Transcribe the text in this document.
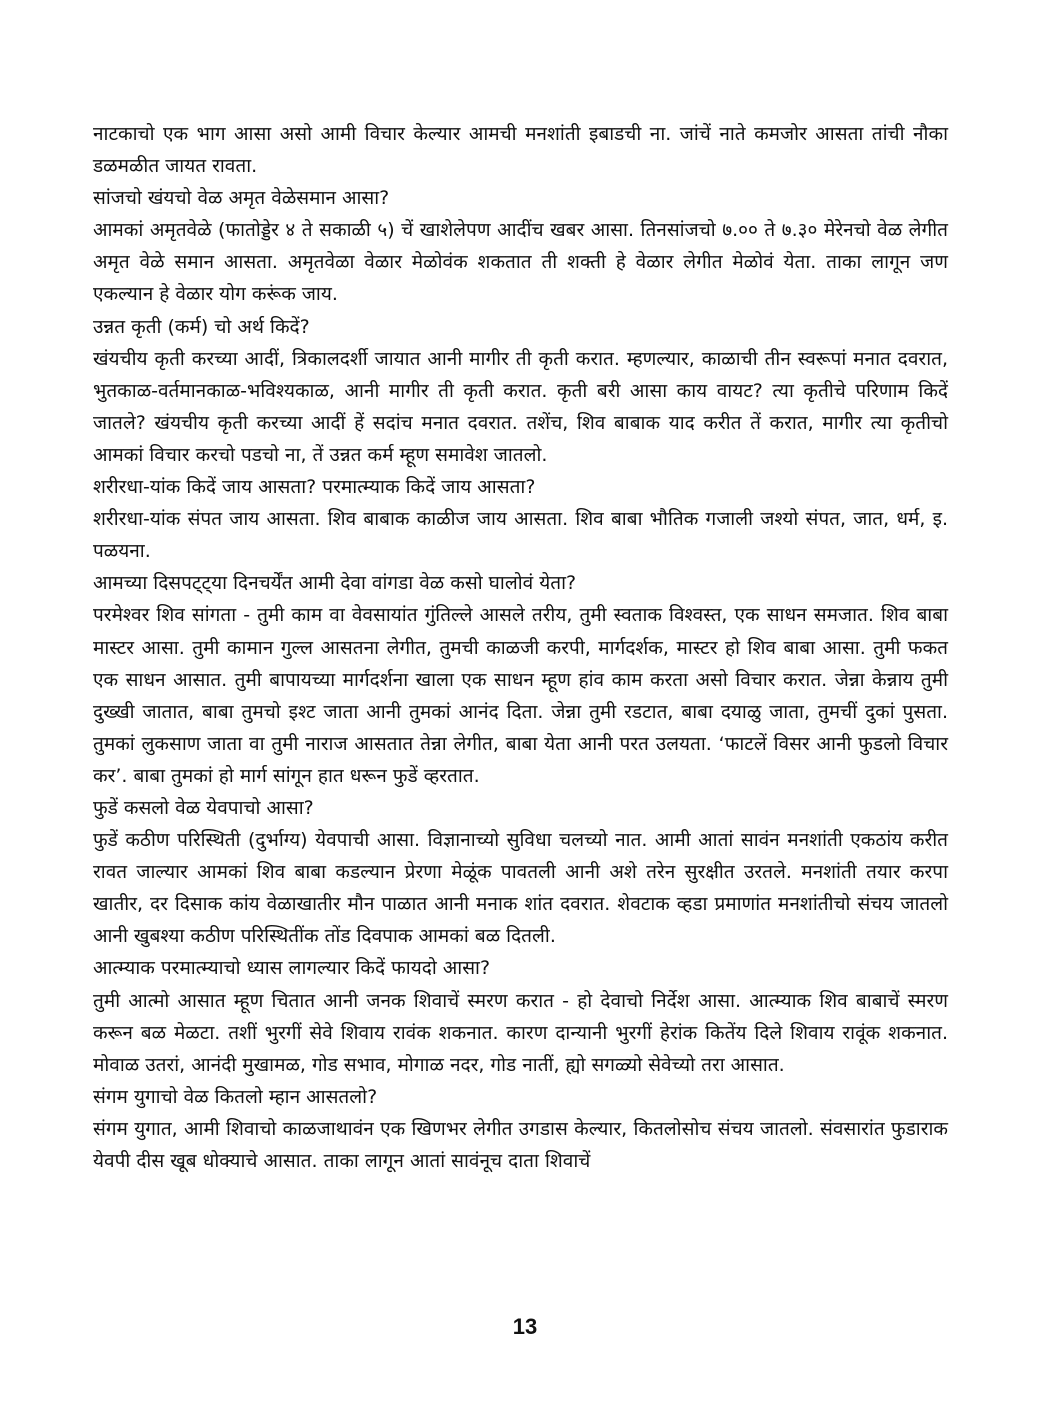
नाटकाचो एक भाग आसा असो आमी विचार केल्यार आमची मनशांती इबाडची ना. जांचें नाते कमजोर आसता तांची नौका डळमळीत जायत रावता.

सांजचो खंयचो वेळ अमृत वेळेसमान आसा?

आमकां अमृतवेळे (फातोड्डेर ४ ते सकाळी ५) चें खाशेलेपण आदींच खबर आसा. तिनसांजचो ७.०० ते ७.३० मेरेनचो वेळ लेगीत अमृत वेळे समान आसता. अमृतवेळा वेळार मेळोवंक शकतात ती शक्ती हे वेळार लेगीत मेळोवं येता. ताका लागून जण एकल्यान हे वेळार योग करूंक जाय.

उन्नत कृती (कर्म) चो अर्थ किदें?

खंयचीय कृती करच्या आदीं, त्रिकालदर्शी जायात आनी मागीर ती कृती करात. म्हणल्यार, काळाची तीन स्वरूपां मनात दवरात, भुतकाळ-वर्तमानकाळ-भविश्यकाळ, आनी मागीर ती कृती करात. कृती बरी आसा काय वायट? त्या कृतीचे परिणाम किदें जातले? खंयचीय कृती करच्या आदीं हें सदांच मनात दवरात. तशेंच, शिव बाबाक याद करीत तें करात, मागीर त्या कृतीचो आमकां विचार करचो पडचो ना, तें उन्नत कर्म म्हूण समावेश जातलो.

शरीरधा-यांक किदें जाय आसता? परमात्म्याक किदें जाय आसता?

शरीरधा-यांक संपत जाय आसता. शिव बाबाक काळीज जाय आसता. शिव बाबा भौतिक गजाली जश्यो संपत, जात, धर्म, इ. पळयना.

आमच्या दिसपट्ट्या दिनचर्येंत आमी देवा वांगडा वेळ कसो घालोवं येता?

परमेश्वर शिव सांगता - तुमी काम वा वेवसायांत गुंतिल्ले आसले तरीय, तुमी स्वताक विश्वस्त, एक साधन समजात. शिव बाबा मास्टर आसा. तुमी कामान गुल्ल आसतना लेगीत, तुमची काळजी करपी, मार्गदर्शक, मास्टर हो शिव बाबा आसा. तुमी फकत एक साधन आसात. तुमी बापायच्या मार्गदर्शना खाला एक साधन म्हूण हांव काम करता असो विचार करात. जेन्ना केन्नाय तुमी दुख्खी जातात, बाबा तुमचो इश्ट जाता आनी तुमकां आनंद दिता. जेन्ना तुमी रडटात, बाबा दयाळु जाता, तुमचीं दुकां पुसता. तुमकां लुकसाण जाता वा तुमी नाराज आसतात तेन्ना लेगीत, बाबा येता आनी परत उलयता. ‘फाटलें विसर आनी फुडलो विचार कर’. बाबा तुमकां हो मार्ग सांगून हात धरून फुडें व्हरतात.

फुडें कसलो वेळ येवपाचो आसा?

फुडें कठीण परिस्थिती (दुर्भाग्य) येवपाची आसा. विज्ञानाच्यो सुविधा चलच्यो नात. आमी आतां सावंन मनशांती एकठांय करीत रावत जाल्यार आमकां शिव बाबा कडल्यान प्रेरणा मेळूंक पावतली आनी अशे तरेन सुरक्षीत उरतले. मनशांती तयार करपा खातीर, दर दिसाक कांय वेळाखातीर मौन पाळात आनी मनाक शांत दवरात. शेवटाक व्हडा प्रमाणांत मनशांतीचो संचय जातलो आनी खुबश्या कठीण परिस्थितींक तोंड दिवपाक आमकां बळ दितली.

आत्म्याक परमात्म्याचो ध्यास लागल्यार किदें फायदो आसा?

तुमी आत्मो आसात म्हूण चितात आनी जनक शिवाचें स्मरण करात - हो देवाचो निर्देश आसा. आत्म्याक शिव बाबाचें स्मरण करून बळ मेळटा. तशीं भुरगीं सेवे शिवाय रावंक शकनात. कारण दान्यानी भुरगीं हेरांक कितेंय दिले शिवाय रावूंक शकनात. मोवाळ उतरां, आनंदी मुखामळ, गोड सभाव, मोगाळ नदर, गोड नातीं, ह्यो सगळ्यो सेवेच्यो तरा आसात.

संगम युगाचो वेळ कितलो म्हान आसतलो?

संगम युगात, आमी शिवाचो काळजाथावंन एक खिणभर लेगीत उगडास केल्यार, कितलोसोच संचय जातलो. संवसारांत फुडाराक येवपी दीस खूब धोक्याचे आसात. ताका लागून आतां सावंनूच दाता शिवाचें

13
